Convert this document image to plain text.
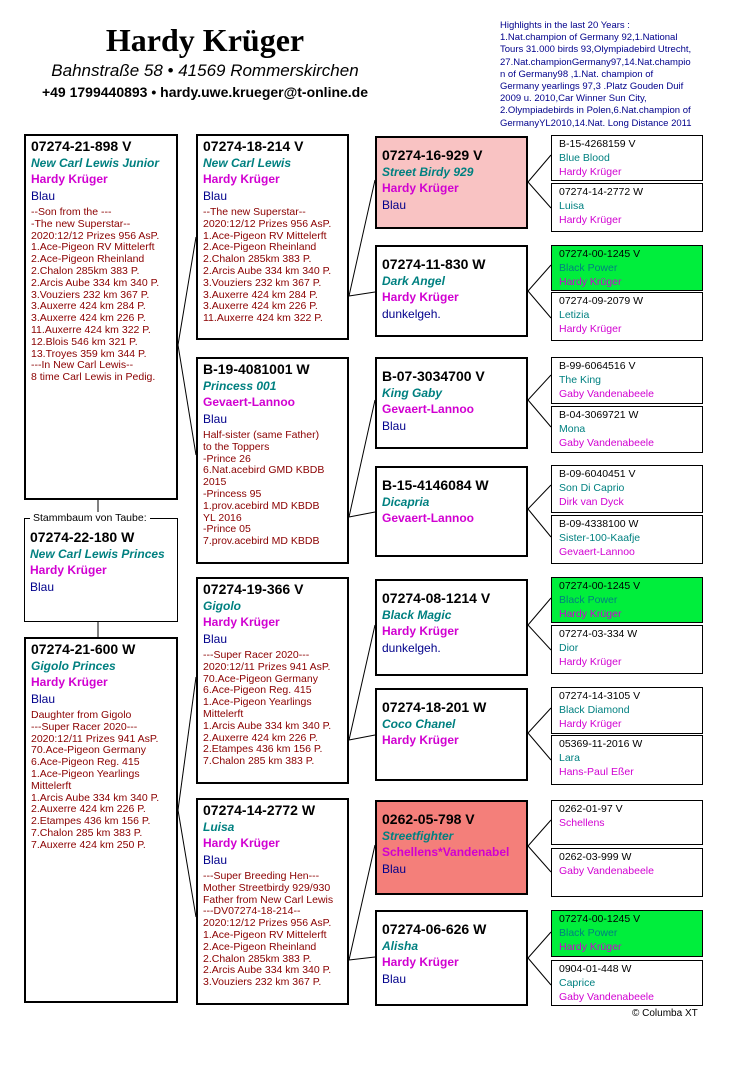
Hardy Krüger
Bahnstraße 58 • 41569 Rommerskirchen
+49 1799440893 • hardy.uwe.krueger@t-online.de
Highlights in the last 20 Years :
1.Nat.champion of Germany 92,1.National
Tours 31.000 birds 93,Olympiadebird Utrecht,
27.Nat.championGermany97,14.Nat.champio
n of Germany98 ,1.Nat. champion of
Germany yearlings 97,3 .Platz Gouden Duif
2009 u. 2010,Car Winner Sun City,
2.Olympiadebirds in Polen,6.Nat.champion of
GermanyYL2010,14.Nat. Long Distance 2011
07274-21-898 V
New Carl Lewis Junior
Hardy Krüger
Blau
--Son from the ---
-The new Superstar--
2020:12/12 Prizes 956 AsP.
1.Ace-Pigeon RV Mittelerft
2.Ace-Pigeon Rheinland
2.Chalon 285km 383 P.
2.Arcis Aube 334 km 340 P.
3.Vouziers 232 km 367 P.
3.Auxerre 424 km 284 P.
3.Auxerre 424 km 226 P.
11.Auxerre 424 km 322 P.
12.Blois 546 km 321 P.
13.Troyes 359 km 344 P.
---In New Carl Lewis--
8 time Carl Lewis in Pedig.
Stammbaum von Taube:
07274-22-180 W
New Carl Lewis Princes
Hardy Krüger
Blau
07274-21-600 W
Gigolo Princes
Hardy Krüger
Blau
Daughter from Gigolo
---Super Racer 2020---
2020:12/11 Prizes 941 AsP.
70.Ace-Pigeon Germany
6.Ace-Pigeon Reg. 415
1.Ace-Pigeon Yearlings
Mittelerft
1.Arcis Aube 334 km 340 P.
2.Auxerre 424 km 226 P.
2.Etampes 436 km 156 P.
7.Chalon 285 km 383 P.
7.Auxerre 424 km 250 P.
07274-18-214 V
New Carl Lewis
Hardy Krüger
Blau
--The new Superstar--
2020:12/12 Prizes 956 AsP.
1.Ace-Pigeon RV Mittelerft
2.Ace-Pigeon Rheinland
2.Chalon 285km 383 P.
2.Arcis Aube 334 km 340 P.
3.Vouziers 232 km 367 P.
3.Auxerre 424 km 284 P.
3.Auxerre 424 km 226 P.
11.Auxerre 424 km 322 P.
B-19-4081001 W
Princess 001
Gevaert-Lannoo
Blau
Half-sister (same Father)
to the Toppers
-Prince 26
6.Nat.acebird GMD KBDB
2015
-Princess 95
1.prov.acebird MD KBDB
YL 2016
-Prince 05
7.prov.acebird MD KBDB
07274-19-366 V
Gigolo
Hardy Krüger
Blau
---Super Racer 2020---
2020:12/11 Prizes 941 AsP.
70.Ace-Pigeon Germany
6.Ace-Pigeon Reg. 415
1.Ace-Pigeon Yearlings
Mittelerft
1.Arcis Aube 334 km 340 P.
2.Auxerre 424 km 226 P.
2.Etampes 436 km 156 P.
7.Chalon 285 km 383 P.
07274-14-2772 W
Luisa
Hardy Krüger
Blau
---Super Breeding Hen---
Mother Streetbirdy 929/930
Father from New Carl Lewis
---DV07274-18-214--
2020:12/12 Prizes 956 AsP.
1.Ace-Pigeon RV Mittelerft
2.Ace-Pigeon Rheinland
2.Chalon 285km 383 P.
2.Arcis Aube 334 km 340 P.
3.Vouziers 232 km 367 P.
07274-16-929 V
Street Birdy 929
Hardy Krüger
Blau
07274-11-830 W
Dark Angel
Hardy Krüger
dunkelgeh.
B-07-3034700 V
King Gaby
Gevaert-Lannoo
Blau
B-15-4146084 W
Dicapria
Gevaert-Lannoo
07274-08-1214 V
Black Magic
Hardy Krüger
dunkelgeh.
07274-18-201 W
Coco Chanel
Hardy Krüger
0262-05-798 V
Streetfighter
Schellens*Vandenabel
Blau
07274-06-626 W
Alisha
Hardy Krüger
Blau
B-15-4268159 V
Blue Blood
Hardy Krüger
07274-14-2772 W
Luisa
Hardy Krüger
07274-00-1245 V
Black Power
Hardy Krüger
07274-09-2079 W
Letizia
Hardy Krüger
B-99-6064516 V
The King
Gaby Vandenabeele
B-04-3069721 W
Mona
Gaby Vandenabeele
B-09-6040451 V
Son Di Caprio
Dirk van Dyck
B-09-4338100 W
Sister-100-Kaafje
Gevaert-Lannoo
07274-00-1245 V
Black Power
Hardy Krüger
07274-03-334 W
Dior
Hardy Krüger
07274-14-3105 V
Black Diamond
Hardy Krüger
05369-11-2016 W
Lara
Hans-Paul Eßer
0262-01-97 V
Schellens
0262-03-999 W
Gaby Vandenabeele
07274-00-1245 V
Black Power
Hardy Krüger
0904-01-448 W
Caprice
Gaby Vandenabeele
© Columba XT
